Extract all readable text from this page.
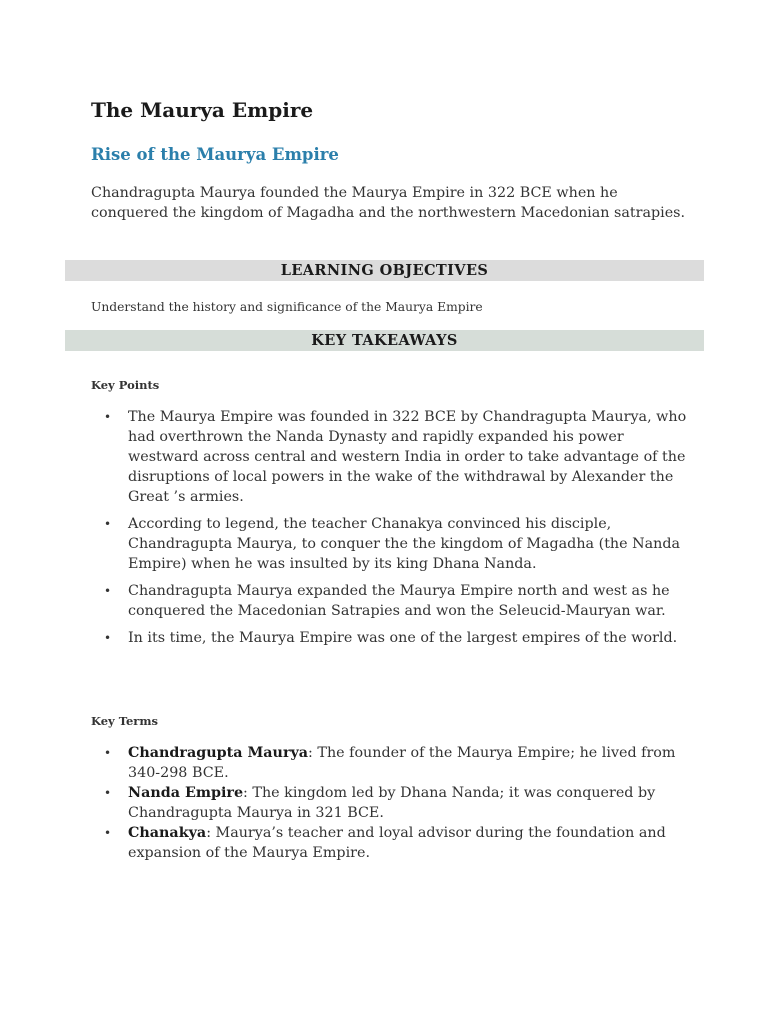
The Maurya Empire
Rise of the Maurya Empire

Chandragupta Maurya founded the Maurya Empire in 322 BCE when he conquered the kingdom of Magadha and the northwestern Macedonian satrapies.

LEARNING OBJECTIVES

Understand the history and significance of the Maurya Empire

KEY TAKEAWAYS

Key Points

• The Maurya Empire was founded in 322 BCE by Chandragupta Maurya, who had overthrown the Nanda Dynasty and rapidly expanded his power westward across central and western India in order to take advantage of the disruptions of local powers in the wake of the withdrawal by Alexander the Great ’s armies.
• According to legend, the teacher Chanakya convinced his disciple, Chandragupta Maurya, to conquer the the kingdom of Magadha (the Nanda Empire) when he was insulted by its king Dhana Nanda.
• Chandragupta Maurya expanded the Maurya Empire north and west as he conquered the Macedonian Satrapies and won the Seleucid-Mauryan war.
• In its time, the Maurya Empire was one of the largest empires of the world.

Key Terms

• Chandragupta Maurya: The founder of the Maurya Empire; he lived from 340-298 BCE.
• Nanda Empire: The kingdom led by Dhana Nanda; it was conquered by Chandragupta Maurya in 321 BCE.
• Chanakya: Maurya’s teacher and loyal advisor during the foundation and expansion of the Maurya Empire.
